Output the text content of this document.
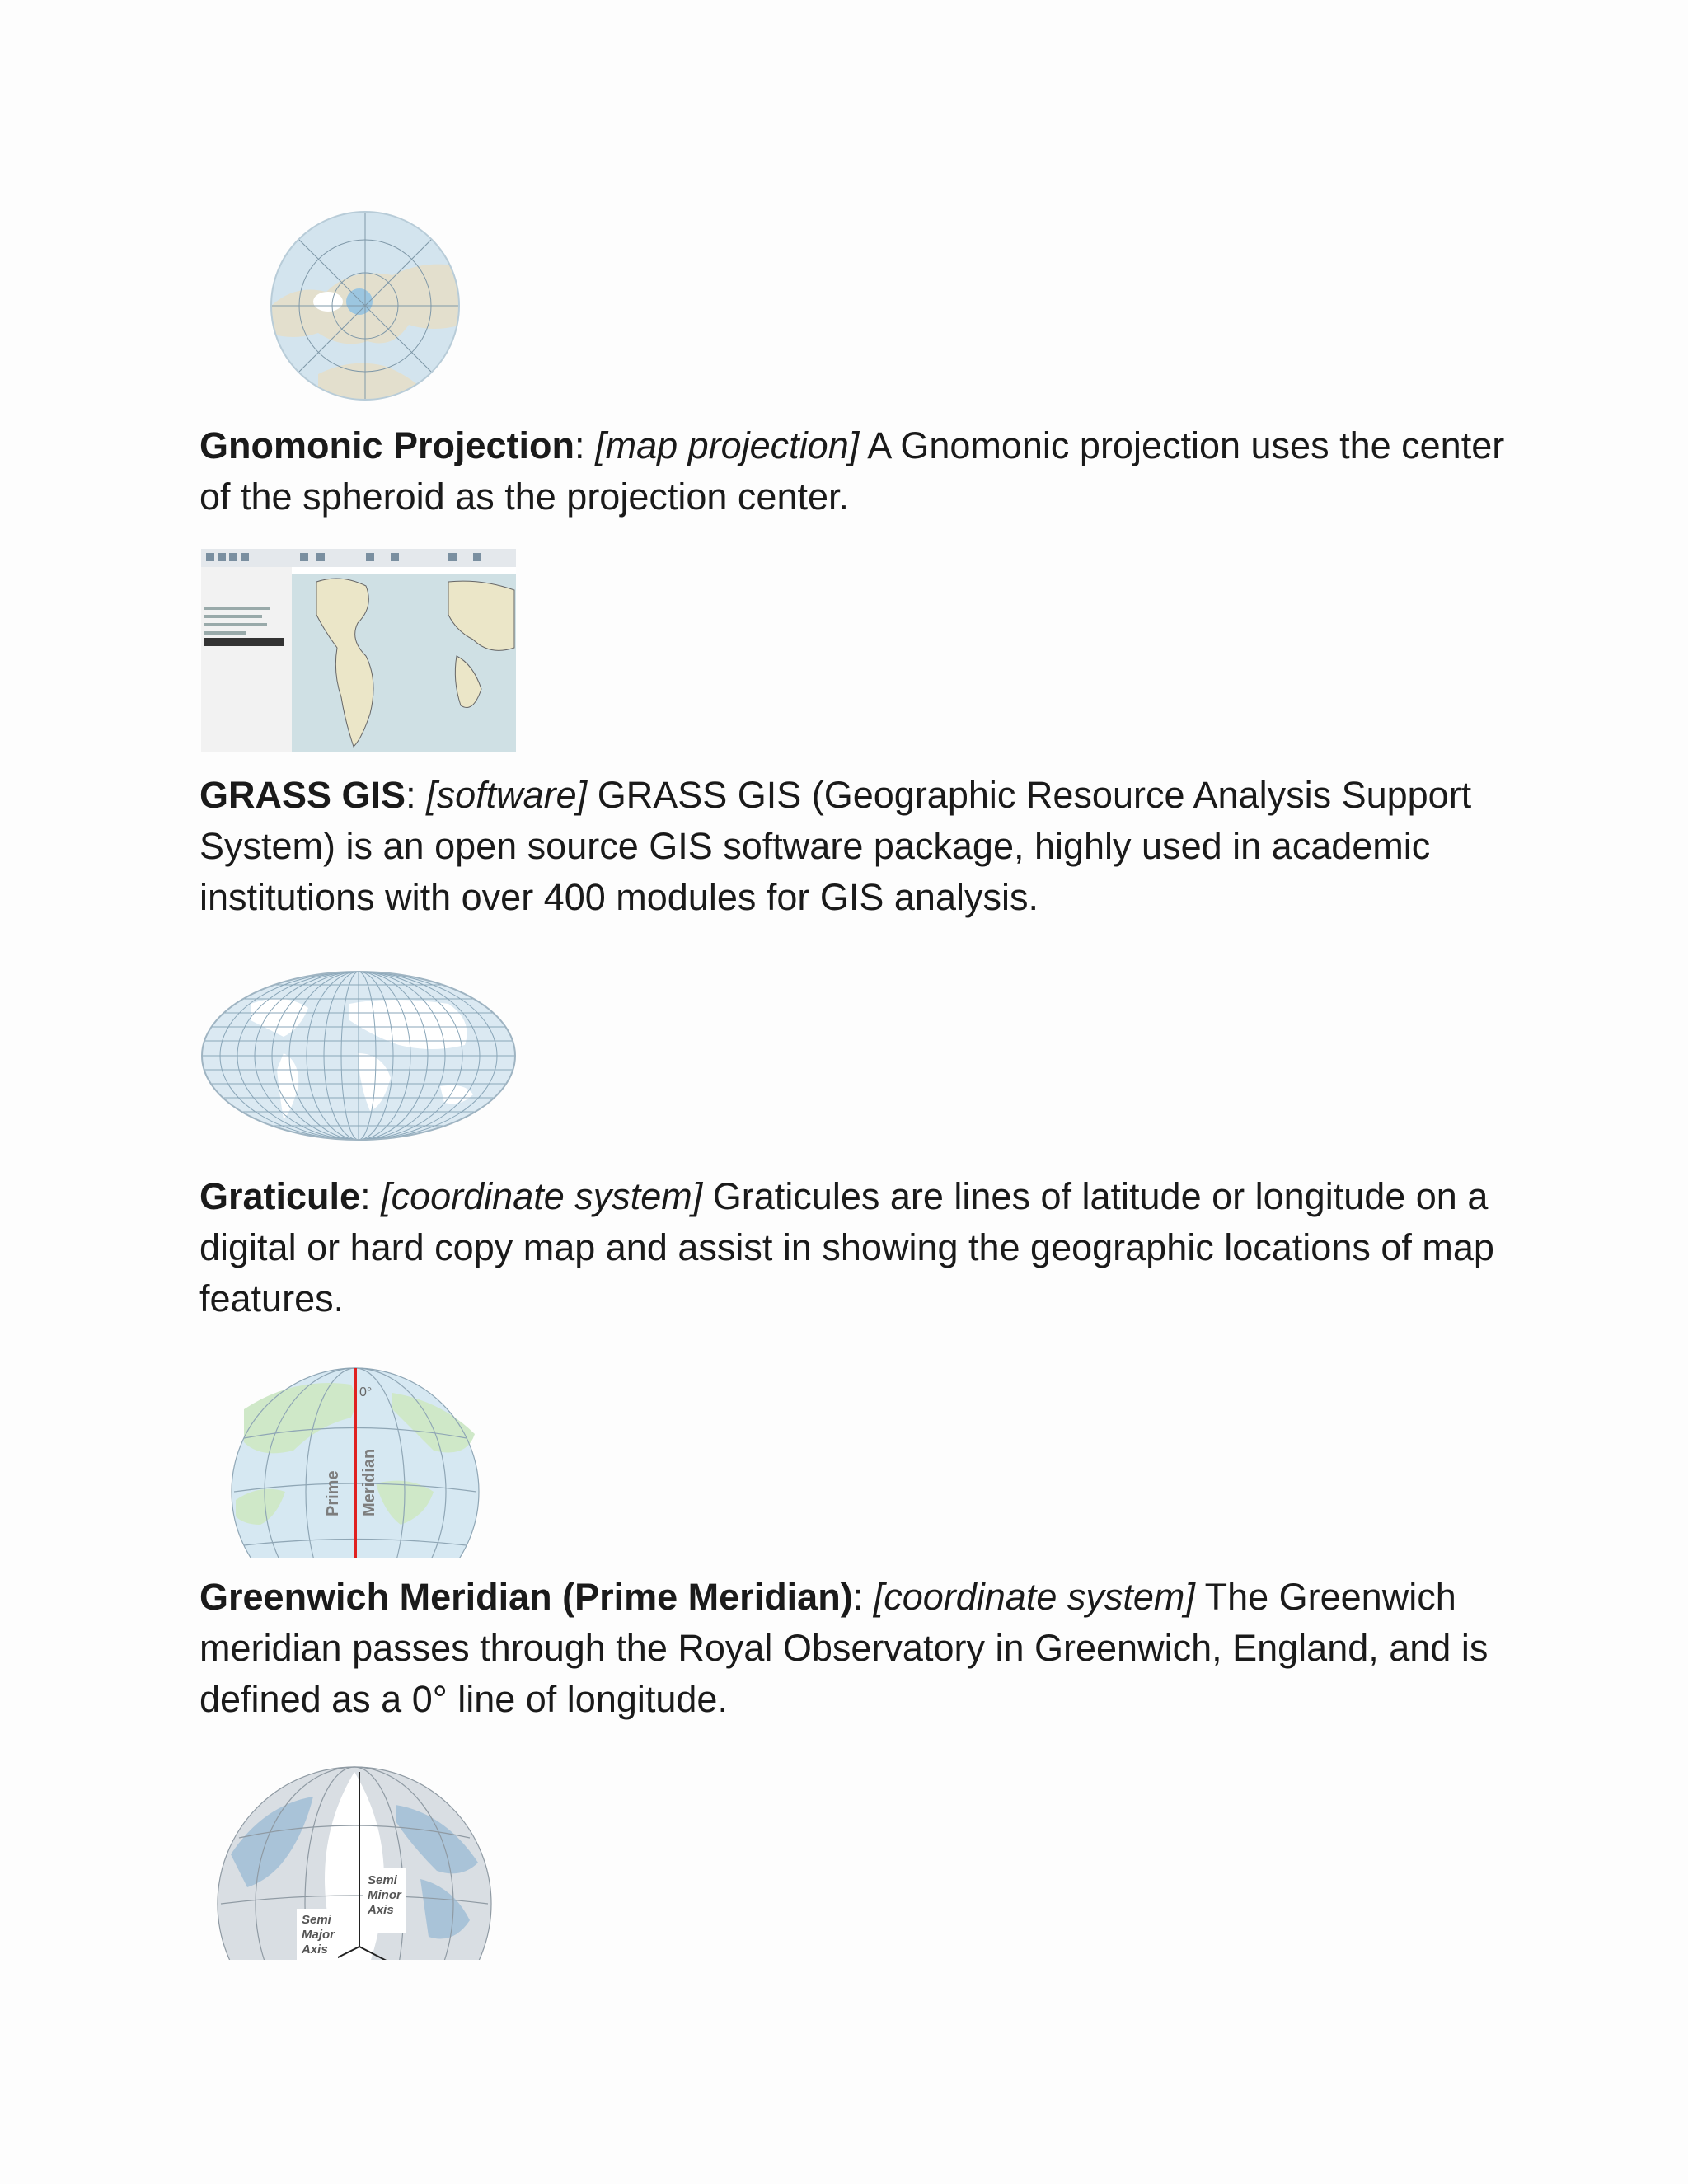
Gnomonic Projection: [map projection] A Gnomonic projection uses the center of the spheroid as the projection center.

GRASS GIS: [software] GRASS GIS (Geographic Resource Analysis Support System) is an open source GIS software package, highly used in academic institutions with over 400 modules for GIS analysis.

Graticule: [coordinate system] Graticules are lines of latitude or longitude on a digital or hard copy map and assist in showing the geographic locations of map features.

0°
Prime Meridian

Greenwich Meridian (Prime Meridian): [coordinate system] The Greenwich meridian passes through the Royal Observatory in Greenwich, England, and is defined as a 0° line of longitude.

Semi
Minor
Axis
Semi
Major
Axis
